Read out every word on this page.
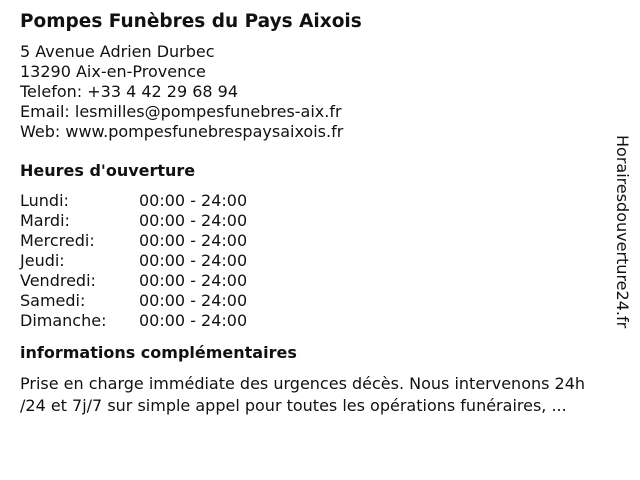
Pompes Funèbres du Pays Aixois
5 Avenue Adrien Durbec
13290 Aix-en-Provence
Telefon: +33 4 42 29 68 94
Email: lesmilles@pompesfunebres-aix.fr
Web: www.pompesfunebrespaysaixois.fr
Heures d'ouverture
Lundi:	00:00 - 24:00
Mardi:	00:00 - 24:00
Mercredi:	00:00 - 24:00
Jeudi:	00:00 - 24:00
Vendredi:	00:00 - 24:00
Samedi:	00:00 - 24:00
Dimanche:	00:00 - 24:00
informations complémentaires
Prise en charge immédiate des urgences décès. Nous intervenons 24h
/24 et 7j/7 sur simple appel pour toutes les opérations funéraires, ...
Horairesdouverture24.fr
